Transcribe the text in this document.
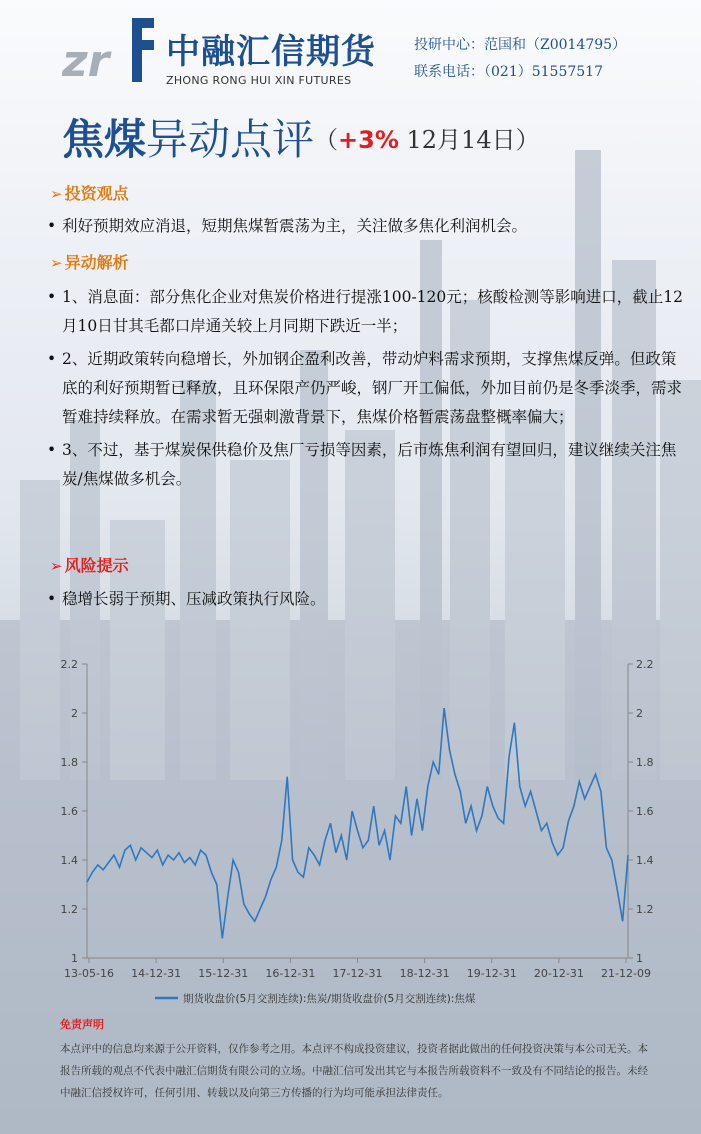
zr 中融汇信期货
ZHONG RONG HUI XIN FUTURES
投研中心：范国和（Z0014795）
联系电话：（021）51557517
焦煤异动点评（+3% 12月14日）
➢ 投资观点
• 利好预期效应消退，短期焦煤暂震荡为主，关注做多焦化利润机会。
➢ 异动解析
• 1、消息面：部分焦化企业对焦炭价格进行提涨100-120元；核酸检测等影响进口，截止12月10日甘其毛都口岸通关较上月同期下跌近一半；
• 2、近期政策转向稳增长，外加钢企盈利改善，带动炉料需求预期，支撑焦煤反弹。但政策底的利好预期暂已释放，且环保限产仍严峻，钢厂开工偏低，外加目前仍是冬季淡季，需求暂难持续释放。在需求暂无强刺激背景下，焦煤价格暂震荡盘整概率偏大；
• 3、不过，基于煤炭保供稳价及焦厂亏损等因素，后市炼焦利润有望回归，建议继续关注焦炭/焦煤做多机会。
➢ 风险提示
• 稳增长弱于预期、压减政策执行风险。
1
1.2
1.4
1.6
1.8
2
2.2
1
1.2
1.4
1.6
1.8
2
2.2
13-05-16 14-12-31 15-12-31 16-12-31 17-12-31 18-12-31 19-12-31 20-12-31 21-12-09
期货收盘价(5月交割连续):焦炭/期货收盘价(5月交割连续):焦煤
免责声明
本点评中的信息均来源于公开资料，仅作参考之用。本点评不构成投资建议，投资者据此做出的任何投资决策与本公司无关。本报告所载的观点不代表中融汇信期货有限公司的立场。中融汇信可发出其它与本报告所载资料不一致及有不同结论的报告。未经中融汇信授权许可，任何引用、转载以及向第三方传播的行为均可能承担法律责任。
